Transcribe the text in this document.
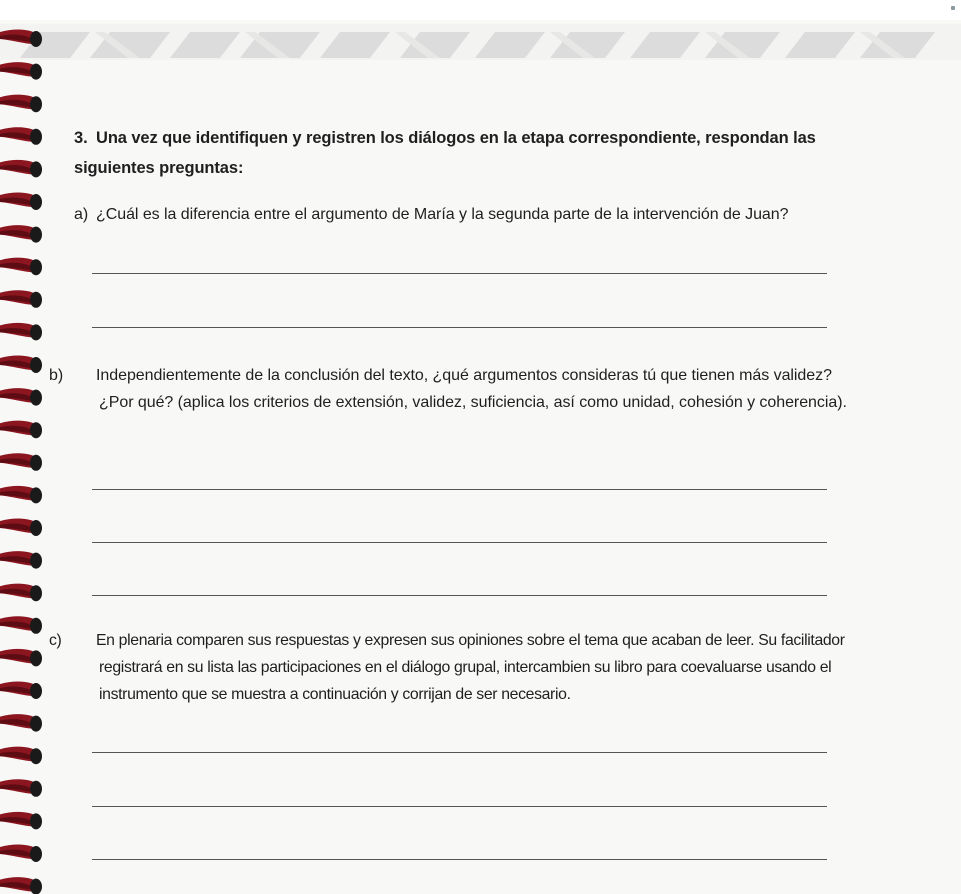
3. Una vez que identifiquen y registren los diálogos en la etapa correspondiente, respondan las siguientes preguntas:
a) ¿Cuál es la diferencia entre el argumento de María y la segunda parte de la intervención de Juan?
b) Independientemente de la conclusión del texto, ¿qué argumentos consideras tú que tienen más validez? ¿Por qué? (aplica los criterios de extensión, validez, suficiencia, así como unidad, cohesión y coherencia).
c) En plenaria comparen sus respuestas y expresen sus opiniones sobre el tema que acaban de leer. Su facilitador registrará en su lista las participaciones en el diálogo grupal, intercambien su libro para coevaluarse usando el instrumento que se muestra a continuación y corrijan de ser necesario.
